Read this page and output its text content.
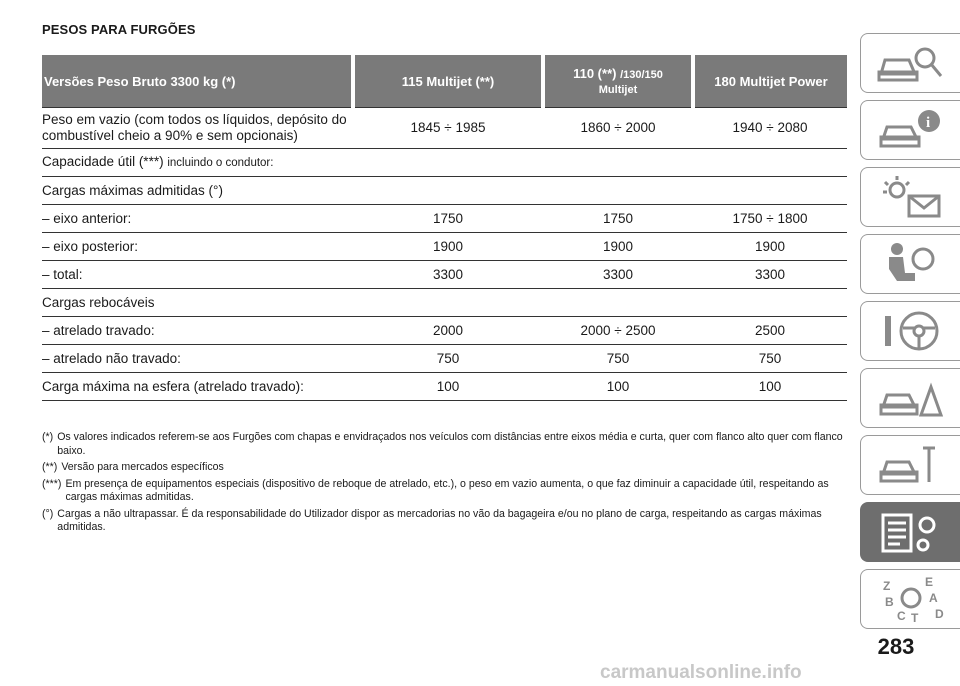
PESOS PARA FURGÕES
Versões Peso Bruto 3300 kg (*)	115 Multijet (**)	110 (**) /130/150
Multijet	180 Multijet Power
Peso em vazio (com todos os líquidos, depósito do combustível cheio a 90% e sem opcionais)	1845 ÷ 1985	1860 ÷ 2000	1940 ÷ 2080
Capacidade útil (***) incluindo o condutor:			
Cargas máximas admitidas (°)			
– eixo anterior:	1750	1750	1750 ÷ 1800
– eixo posterior:	1900	1900	1900
– total:	3300	3300	3300
Cargas rebocáveis			
– atrelado travado:	2000	2000 ÷ 2500	2500
– atrelado não travado:	750	750	750
Carga máxima na esfera (atrelado travado):	100	100	100
(*) Os valores indicados referem-se aos Furgões com chapas e envidraçados nos veículos com distâncias entre eixos média e curta, quer com flanco alto quer com flanco baixo.
(**) Versão para mercados específicos
(***) Em presença de equipamentos especiais (dispositivo de reboque de atrelado, etc.), o peso em vazio aumenta, o que faz diminuir a capacidade útil, respeitando as cargas máximas admitidas.
(°) Cargas a não ultrapassar. É da responsabilidade do Utilizador dispor as mercadorias no vão da bagageira e/ou no plano de carga, respeitando as cargas máximas admitidas.
i
Z	E
A
B
D
C T
283
carmanualsonline.info
